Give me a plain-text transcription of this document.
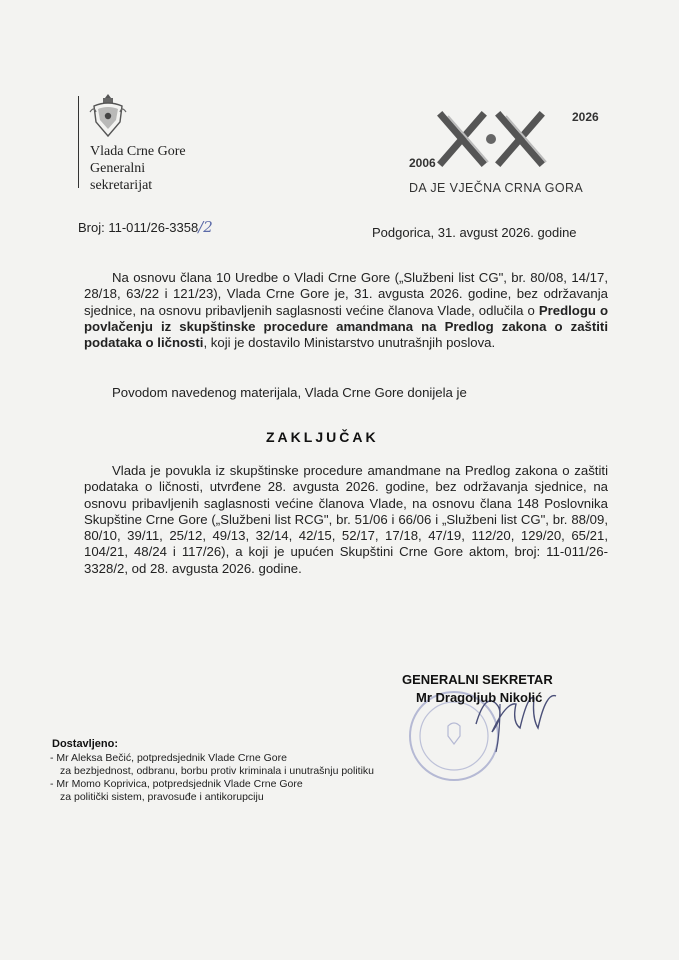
Vlada Crne Gore
Generalni
sekretarijat
2026
2006
DA JE VJEČNA CRNA GORA
Broj: 11-011/26-3358/2	Podgorica, 31. avgust 2026. godine
Na osnovu člana 10 Uredbe o Vladi Crne Gore („Službeni list CG", br. 80/08, 14/17, 28/18, 63/22 i 121/23), Vlada Crne Gore je, 31. avgusta 2026. godine, bez održavanja sjednice, na osnovu pribavljenih saglasnosti većine članova Vlade, odlučila o Predlogu o povlačenju iz skupštinske procedure amandmana na Predlog zakona o zaštiti podataka o ličnosti, koji je dostavilo Ministarstvo unutrašnjih poslova.
Povodom navedenog materijala, Vlada Crne Gore donijela je
ZAKLJUČAK
Vlada je povukla iz skupštinske procedure amandmane na Predlog zakona o zaštiti podataka o ličnosti, utvrđene 28. avgusta 2026. godine, bez održavanja sjednice, na osnovu pribavljenih saglasnosti većine članova Vlade, na osnovu člana 148 Poslovnika Skupštine Crne Gore („Službeni list RCG", br. 51/06 i 66/06 i „Službeni list CG", br. 88/09, 80/10, 39/11, 25/12, 49/13, 32/14, 42/15, 52/17, 17/18, 47/19, 112/20, 129/20, 65/21, 104/21, 48/24 i 117/26), a koji je upućen Skupštini Crne Gore aktom, broj: 11-011/26-3328/2, od 28. avgusta 2026. godine.
GENERALNI SEKRETAR
Mr Dragoljub Nikolić
Dostavljeno:
- Mr Aleksa Bečić, potpredsjednik Vlade Crne Gore
za bezbjednost, odbranu, borbu protiv kriminala i unutrašnju politiku
- Mr Momo Koprivica, potpredsjednik Vlade Crne Gore
za politički sistem, pravosuđe i antikorupciju
